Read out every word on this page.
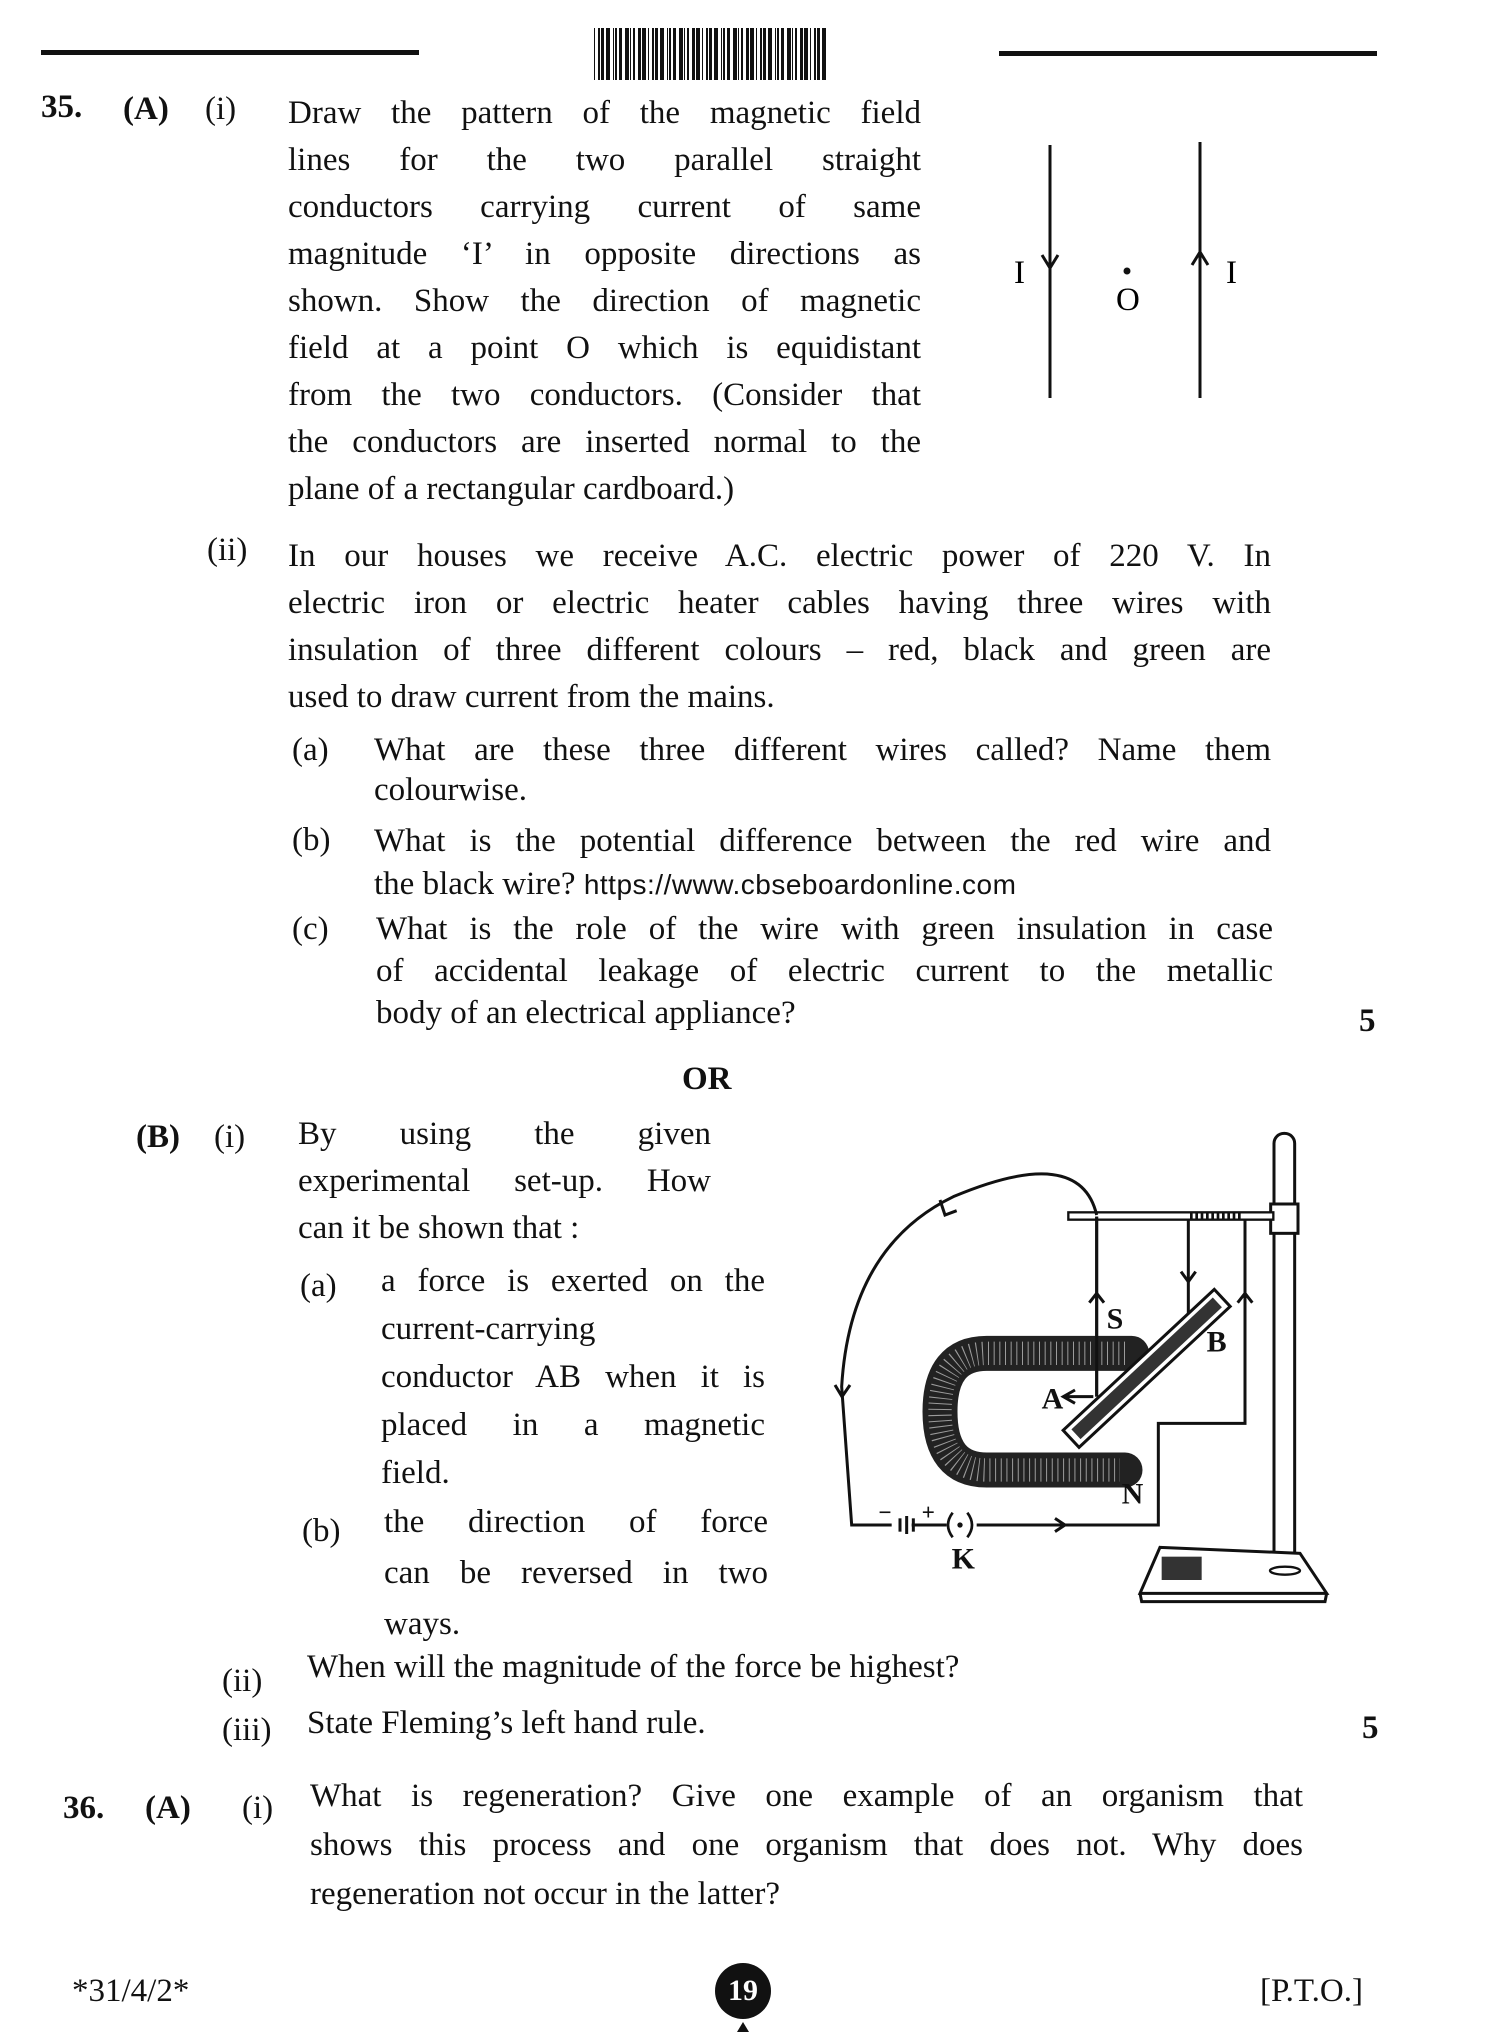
35. (A) (i) Draw the pattern of the magnetic field
lines for the two parallel straight
conductors carrying current of same
magnitude ‘I’ in opposite directions as
shown. Show the direction of magnetic
field at a point O which is equidistant
from the two conductors. (Consider that
the conductors are inserted normal to the
plane of a rectangular cardboard.)
I	I
O
(ii) In our houses we receive A.C. electric power of 220 V. In
electric iron or electric heater cables having three wires with
insulation of three different colours – red, black and green are
used to draw current from the mains.
(a) What are these three different wires called? Name them
colourwise.
(b) What is the potential difference between the red wire and
the black wire? https://www.cbseboardonline.com
(c) What is the role of the wire with green insulation in case
of accidental leakage of electric current to the metallic
body of an electrical appliance?	5
OR
(B) (i) By using the given
experimental set-up. How
can it be shown that :
(a) a force is exerted on the
current-carrying
conductor AB when it is
placed in a magnetic
field.
(b) the direction of force
can be reversed in two
ways.
S
B
A
N
K
− +
(ii) When will the magnitude of the force be highest?
(iii) State Fleming’s left hand rule.	5
36. (A) (i) What is regeneration? Give one example of an organism that
shows this process and one organism that does not. Why does
regeneration not occur in the latter?
*31/4/2*	19	[P.T.O.]
